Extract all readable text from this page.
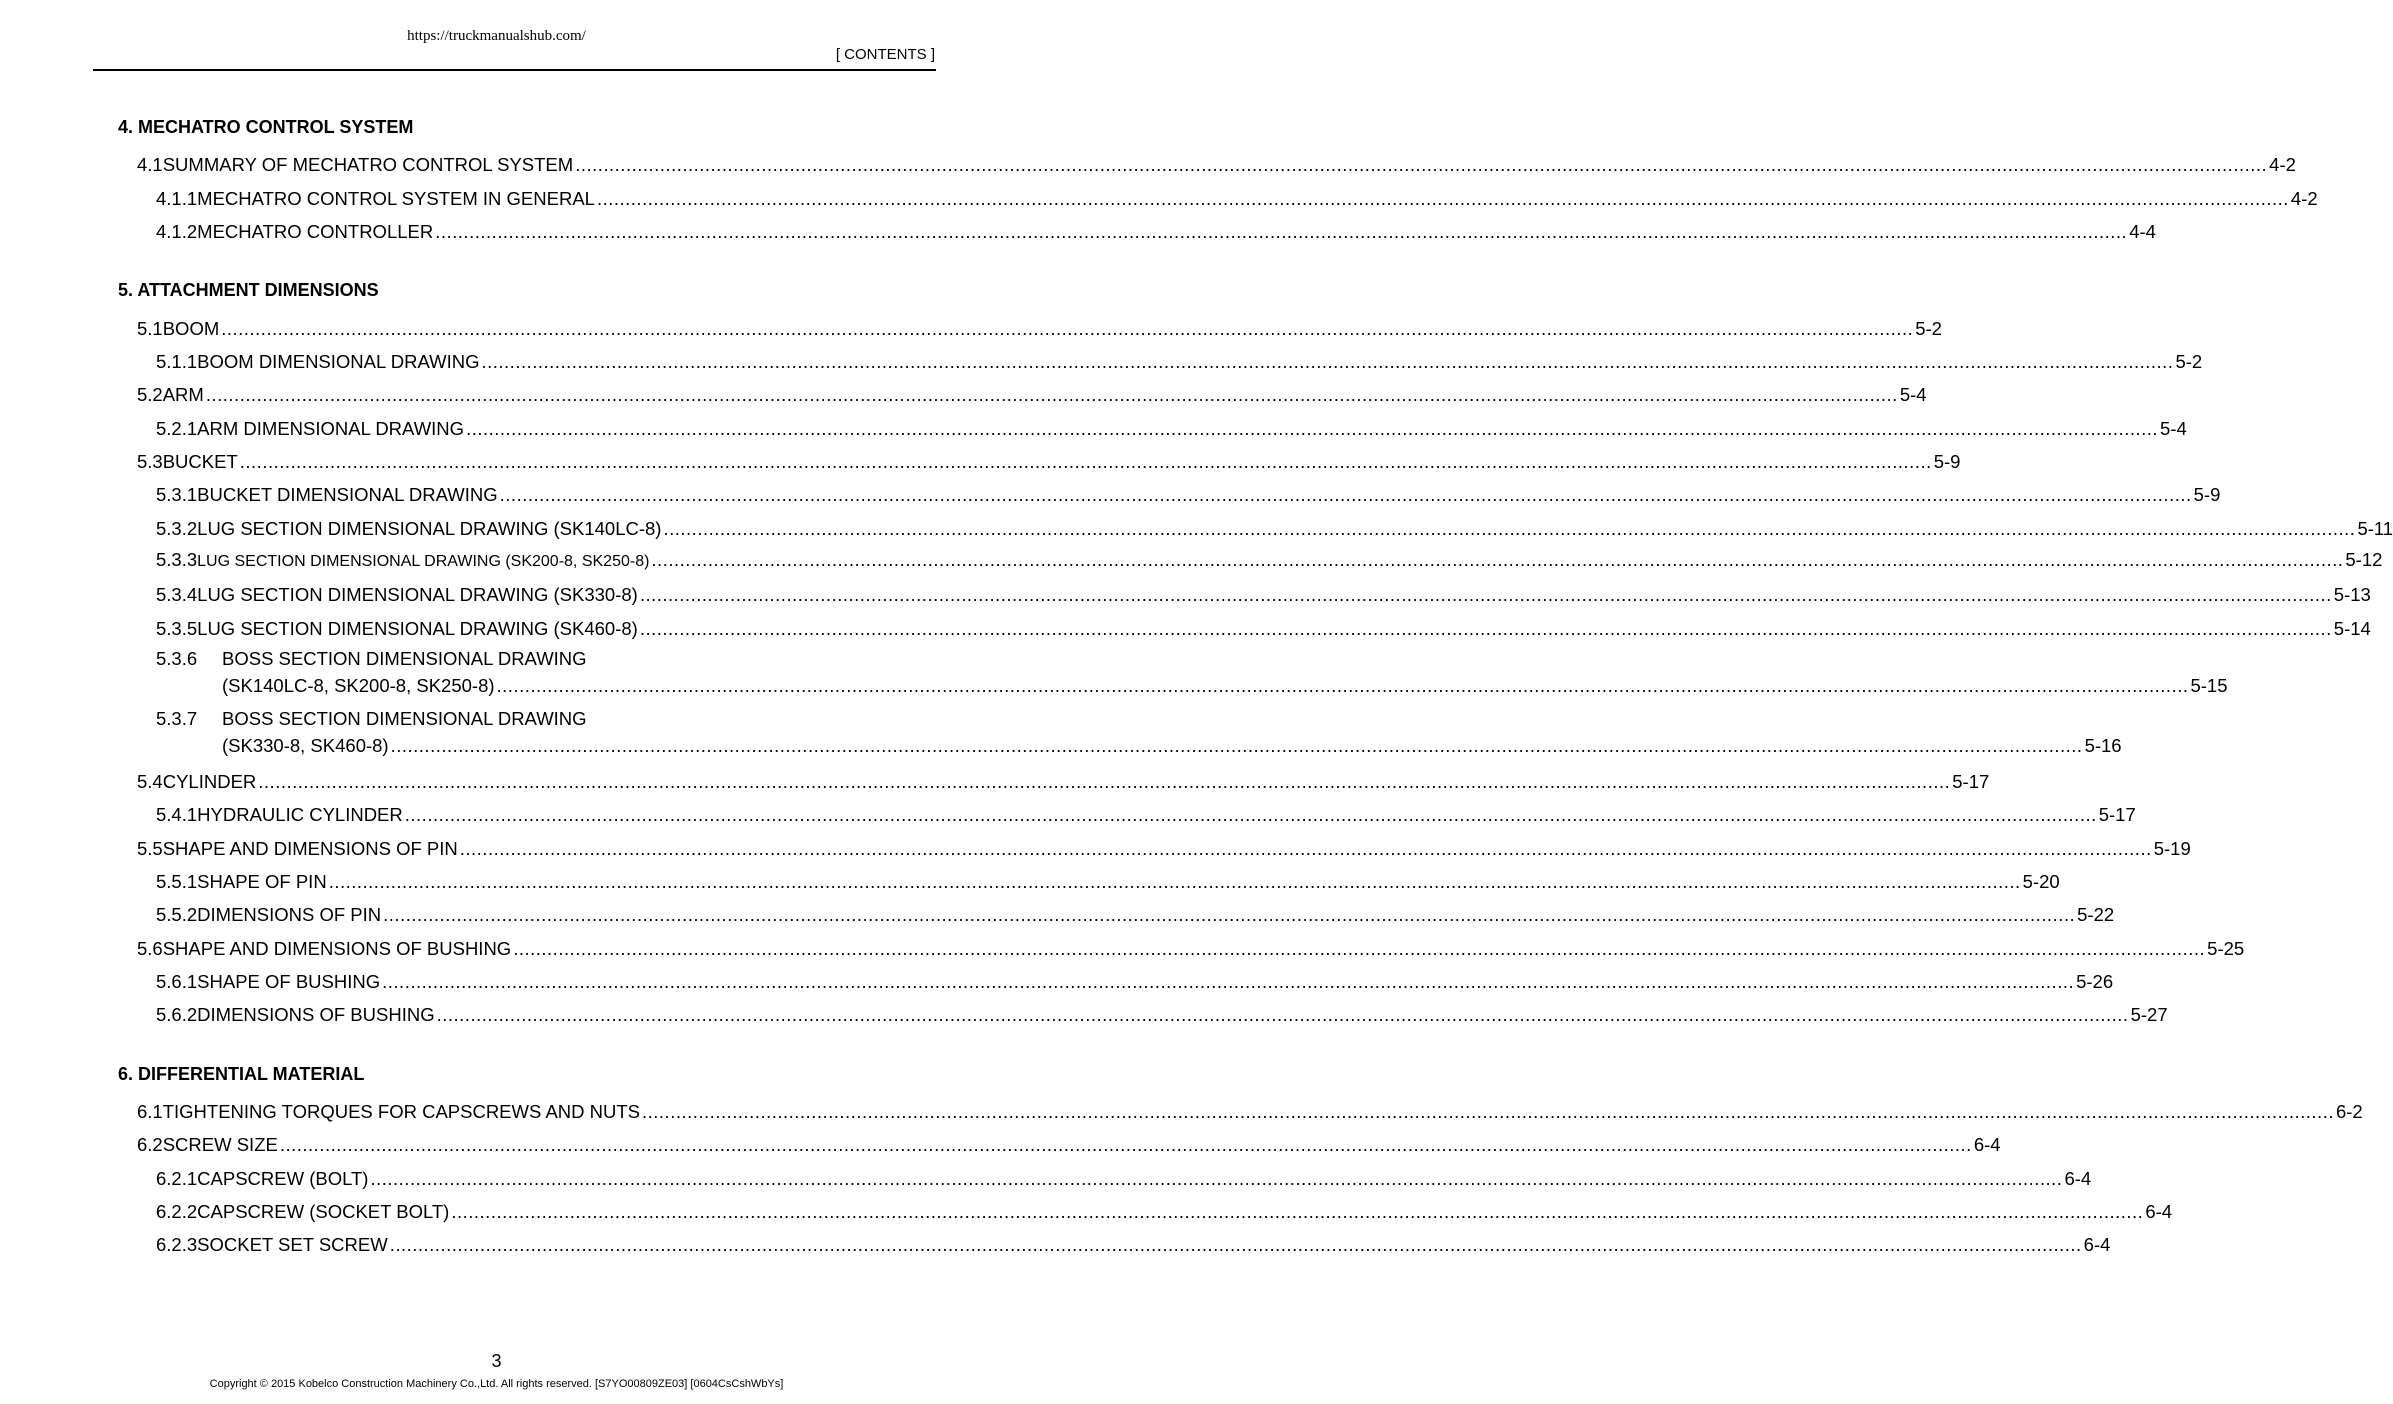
https://truckmanualshub.com/
[ CONTENTS ]
4. MECHATRO CONTROL SYSTEM
4.1 SUMMARY OF MECHATRO CONTROL SYSTEM ............................................................................................................................................................................................................................................................................................................ 4-2
4.1.1 MECHATRO CONTROL SYSTEM IN GENERAL ............................................................................................................................................................................................................................................................................................................ 4-2
4.1.2 MECHATRO CONTROLLER ............................................................................................................................................................................................................................................................................................................ 4-4
5. ATTACHMENT DIMENSIONS
5.1 BOOM ............................................................................................................................................................................................................................................................................................................ 5-2
5.1.1 BOOM DIMENSIONAL DRAWING ............................................................................................................................................................................................................................................................................................................ 5-2
5.2 ARM ............................................................................................................................................................................................................................................................................................................ 5-4
5.2.1 ARM DIMENSIONAL DRAWING ............................................................................................................................................................................................................................................................................................................ 5-4
5.3 BUCKET ............................................................................................................................................................................................................................................................................................................ 5-9
5.3.1 BUCKET DIMENSIONAL DRAWING ............................................................................................................................................................................................................................................................................................................ 5-9
5.3.2 LUG SECTION DIMENSIONAL DRAWING (SK140LC-8) ............................................................................................................................................................................................................................................................................................................ 5-11
5.3.3 LUG SECTION DIMENSIONAL DRAWING (SK200-8, SK250-8) ............................................................................................................................................................................................................................................................................................................ 5-12
5.3.4 LUG SECTION DIMENSIONAL DRAWING (SK330-8) ............................................................................................................................................................................................................................................................................................................ 5-13
5.3.5 LUG SECTION DIMENSIONAL DRAWING (SK460-8) ............................................................................................................................................................................................................................................................................................................ 5-14
5.3.6	BOSS SECTION DIMENSIONAL DRAWING
(SK140LC-8, SK200-8, SK250-8) ............................................................................................................................................................................................................................................................................................................ 5-15
5.3.7	BOSS SECTION DIMENSIONAL DRAWING
(SK330-8, SK460-8) ............................................................................................................................................................................................................................................................................................................ 5-16
5.4 CYLINDER ............................................................................................................................................................................................................................................................................................................ 5-17
5.4.1 HYDRAULIC CYLINDER ............................................................................................................................................................................................................................................................................................................ 5-17
5.5 SHAPE AND DIMENSIONS OF PIN ............................................................................................................................................................................................................................................................................................................ 5-19
5.5.1 SHAPE OF PIN ............................................................................................................................................................................................................................................................................................................ 5-20
5.5.2 DIMENSIONS OF PIN ............................................................................................................................................................................................................................................................................................................ 5-22
5.6 SHAPE AND DIMENSIONS OF BUSHING ............................................................................................................................................................................................................................................................................................................ 5-25
5.6.1 SHAPE OF BUSHING ............................................................................................................................................................................................................................................................................................................ 5-26
5.6.2 DIMENSIONS OF BUSHING ............................................................................................................................................................................................................................................................................................................ 5-27
6. DIFFERENTIAL MATERIAL
6.1 TIGHTENING TORQUES FOR CAPSCREWS AND NUTS ............................................................................................................................................................................................................................................................................................................ 6-2
6.2 SCREW SIZE ............................................................................................................................................................................................................................................................................................................ 6-4
6.2.1 CAPSCREW (BOLT) ............................................................................................................................................................................................................................................................................................................ 6-4
6.2.2 CAPSCREW (SOCKET BOLT) ............................................................................................................................................................................................................................................................................................................ 6-4
6.2.3 SOCKET SET SCREW ............................................................................................................................................................................................................................................................................................................ 6-4
3
Copyright © 2015 Kobelco Construction Machinery Co.,Ltd. All rights reserved. [S7YO00809ZE03] [0604CsCshWbYs]
